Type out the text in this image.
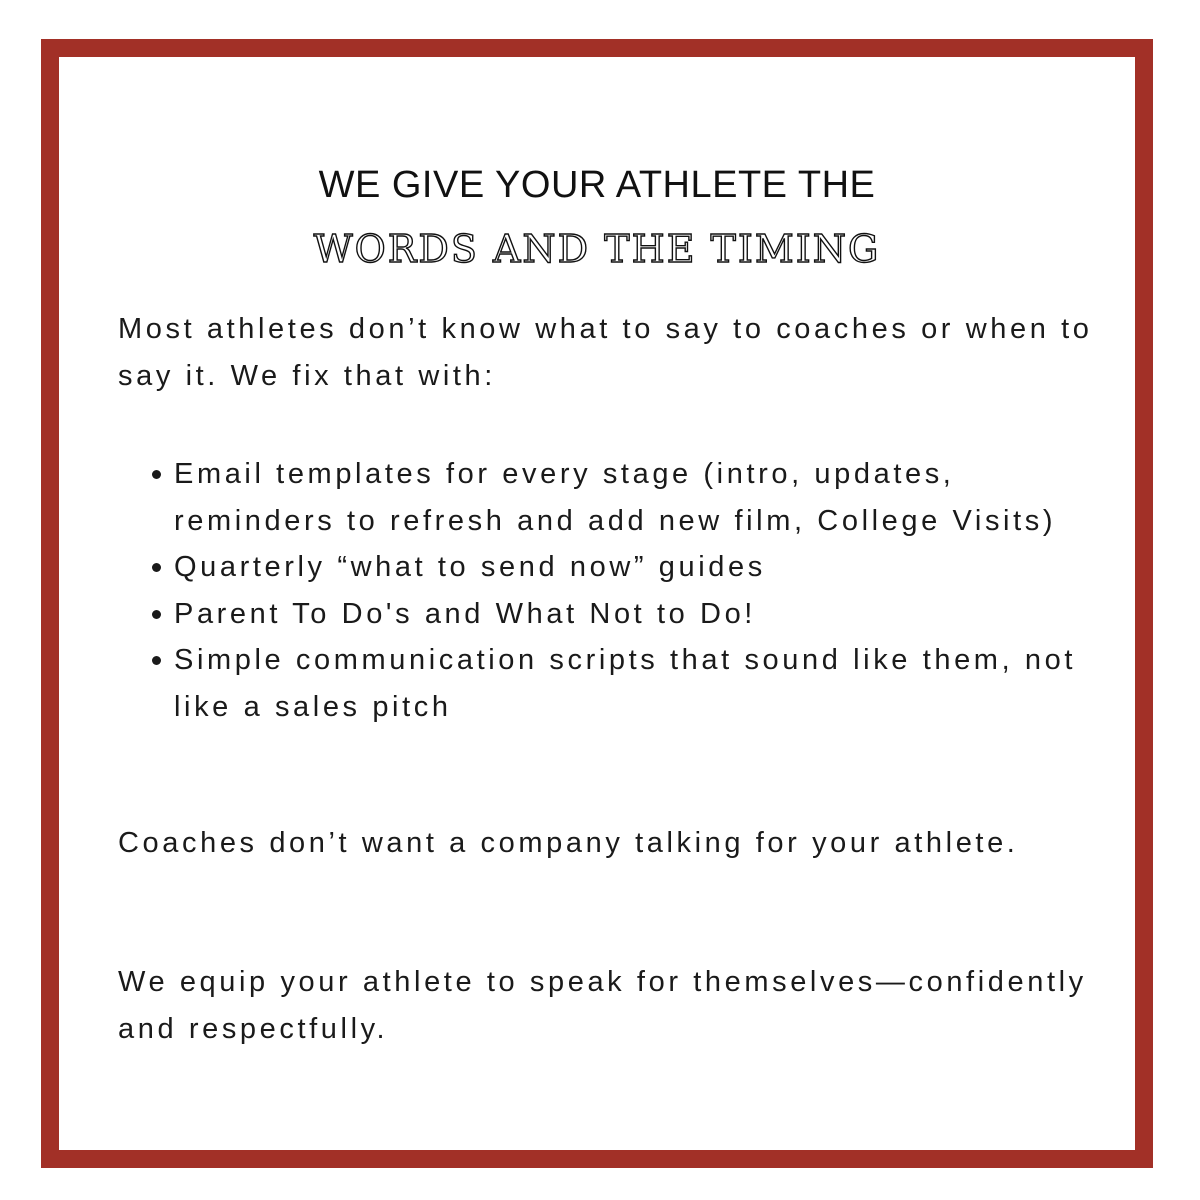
WE GIVE YOUR ATHLETE THE
WORDS AND THE TIMING

Most athletes don’t know what to say to coaches or when to say it. We fix that with:

Email templates for every stage (intro, updates, reminders to refresh and add new film, College Visits)
Quarterly “what to send now” guides
Parent To Do's and What Not to Do!
Simple communication scripts that sound like them, not like a sales pitch

Coaches don’t want a company talking for your athlete.

We equip your athlete to speak for themselves—confidently and respectfully.
